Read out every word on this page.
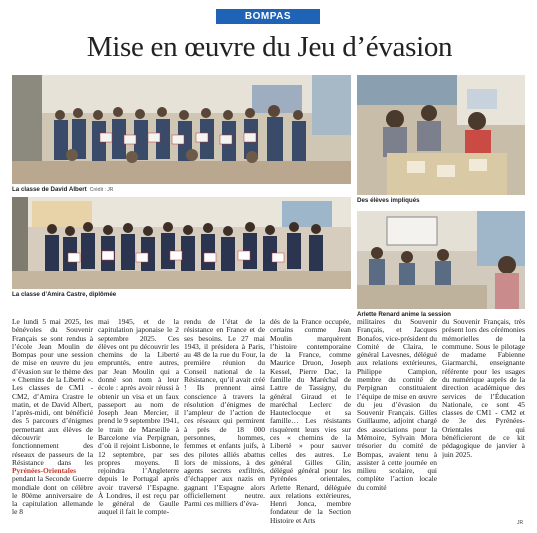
BOMPAS
Mise en œuvre du Jeu d’évasion
La classe de David Albert Crédit : JR
Des élèves impliqués
La classe d’Amira Castre, diplômée
Arlette Renard anime la session

Le lundi 5 mai 2025, les bénévoles du Souvenir Français se sont rendus à l’école Jean Moulin de Bompas pour une session de mise en œuvre du jeu d’évasion sur le thème des « Chemins de la Liberté ». Les classes de CM1 - CM2, d’Amira Crastre le matin, et de David Albert, l’après-midi, ont bénéficié des 5 parcours d’énigmes permettant aux élèves de découvrir le fonctionnement des réseaux de passeurs de la Résistance dans les Pyrénées-Orientales pendant la Seconde Guerre mondiale dont on célèbre le 80ème anniversaire de la capitulation allemande le 8

mai 1945, et de la capitulation japonaise le 2 septembre 2025. Ces élèves ont pu découvrir les chemins de la Liberté empruntés, entre autres, par Jean Moulin qui a donné son nom à leur école : après avoir réussi à obtenir un visa et un faux passeport au nom de Joseph Jean Mercier, il prend le 9 septembre 1941, le train de Marseille à Barcelone via Perpignan, d’où il rejoint Lisbonne, le 12 septembre, par ses propres moyens. Il rejoindra l’Angleterre depuis le Portugal après avoir traversé l’Espagne. À Londres, il est reçu par le général de Gaulle auquel il fait le compte-

rendu de l’état de la résistance en France et de ses besoins. Le 27 mai 1943, il présidera à Paris, au 48 de la rue du Four, la première réunion du Conseil national de la Résistance, qu’il avait créé ! Ils prennent ainsi conscience à travers la résolution d’énigmes de l’ampleur de l’action de ces réseaux qui permirent à près de 18 000 personnes, hommes, femmes et enfants juifs, à des pilotes alliés abattus lors de missions, à des agents secrets exfiltrés, d’échapper aux nazis en gagnant l’Espagne alors officiellement neutre. Parmi ces milliers d’éva-

dés de la France occupée, certains comme Jean Moulin marquèrent l’histoire contemporaine de la France, comme Maurice Druon, Joseph Kessel, Pierre Dac, la famille du Maréchal de Lattre de Tassigny, du général Giraud et le maréchal Leclerc de Hauteclocque et sa famille… Les résistants risquèrent leurs vies sur ces « chemins de la Liberté » pour sauver celles des autres. Le général Gilles Glin, délégué général pour les Pyrénées orientales, Arlette Renard, déléguée aux relations extérieures, Henri Jonca, membre fondateur de la Section Histoire et Arts

militaires du Souvenir Français, et Jacques Bonafos, vice-président du Comité de Claira, le général Lavesnes, délégué aux relations extérieures, Philippe Campion, membre du comité de Perpignan constituaient l’équipe de mise en œuvre du jeu d’évasion du Souvenir Français. Gilles Guillaume, adjoint chargé des associations pour la Mémoire, Sylvain Mora trésorier du comité de Bompas, avaient tenu à assister à cette journée en milieu scolaire, qui complète l’action locale du comité

du Souvenir Français, très présent lors des cérémonies mémorielles de la commune. Sous le pilotage de madame Fabienne Giarmarchi, enseignante référente pour les usages du numérique auprès de la direction académique des services de l’Éducation Nationale, ce sont 45 classes de CM1 - CM2 et de 3e des Pyrénées-Orientales qui bénéficieront de ce kit pédagogique de janvier à juin 2025.

JR
